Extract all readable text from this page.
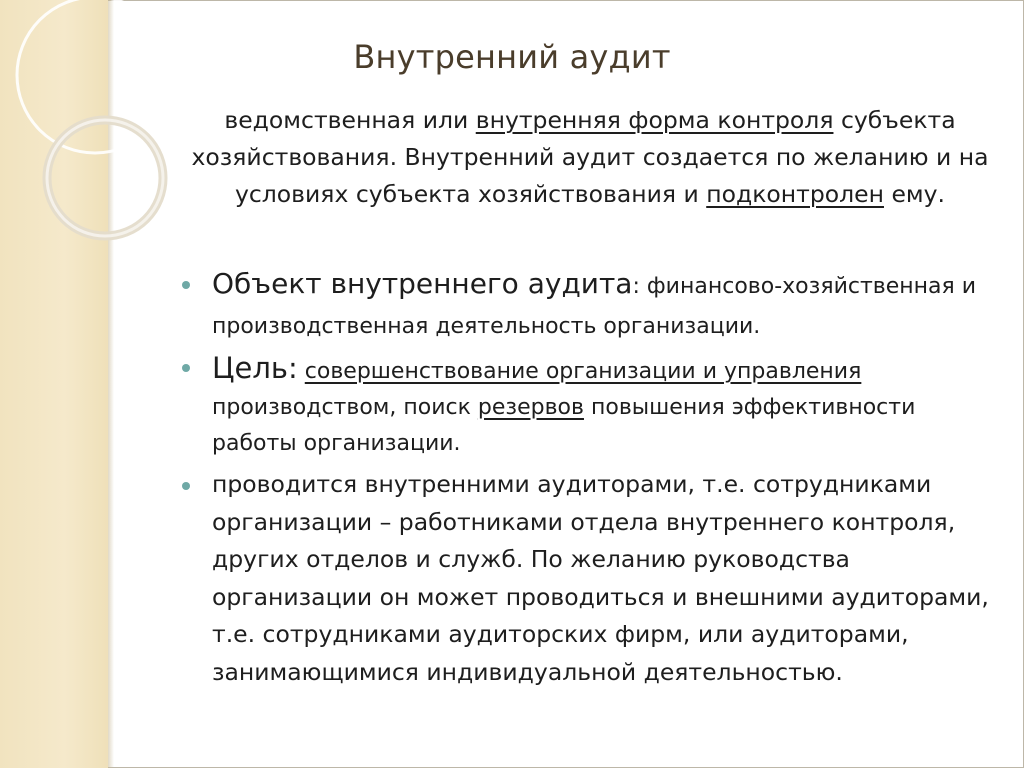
Внутренний аудит
ведомственная или внутренняя форма контроля субъекта хозяйствования. Внутренний аудит создается по желанию и на условиях субъекта хозяйствования и подконтролен ему.
Объект внутреннего аудита: финансово-хозяйственная и производственная деятельность организации.
Цель: совершенствование организации и управления производством, поиск резервов повышения эффективности работы организации.
проводится внутренними аудиторами, т.е. сотрудниками организации – работниками отдела внутреннего контроля, других отделов и служб. По желанию руководства организации он может проводиться и внешними аудиторами, т.е. сотрудниками аудиторских фирм, или аудиторами, занимающимися индивидуальной деятельностью.
